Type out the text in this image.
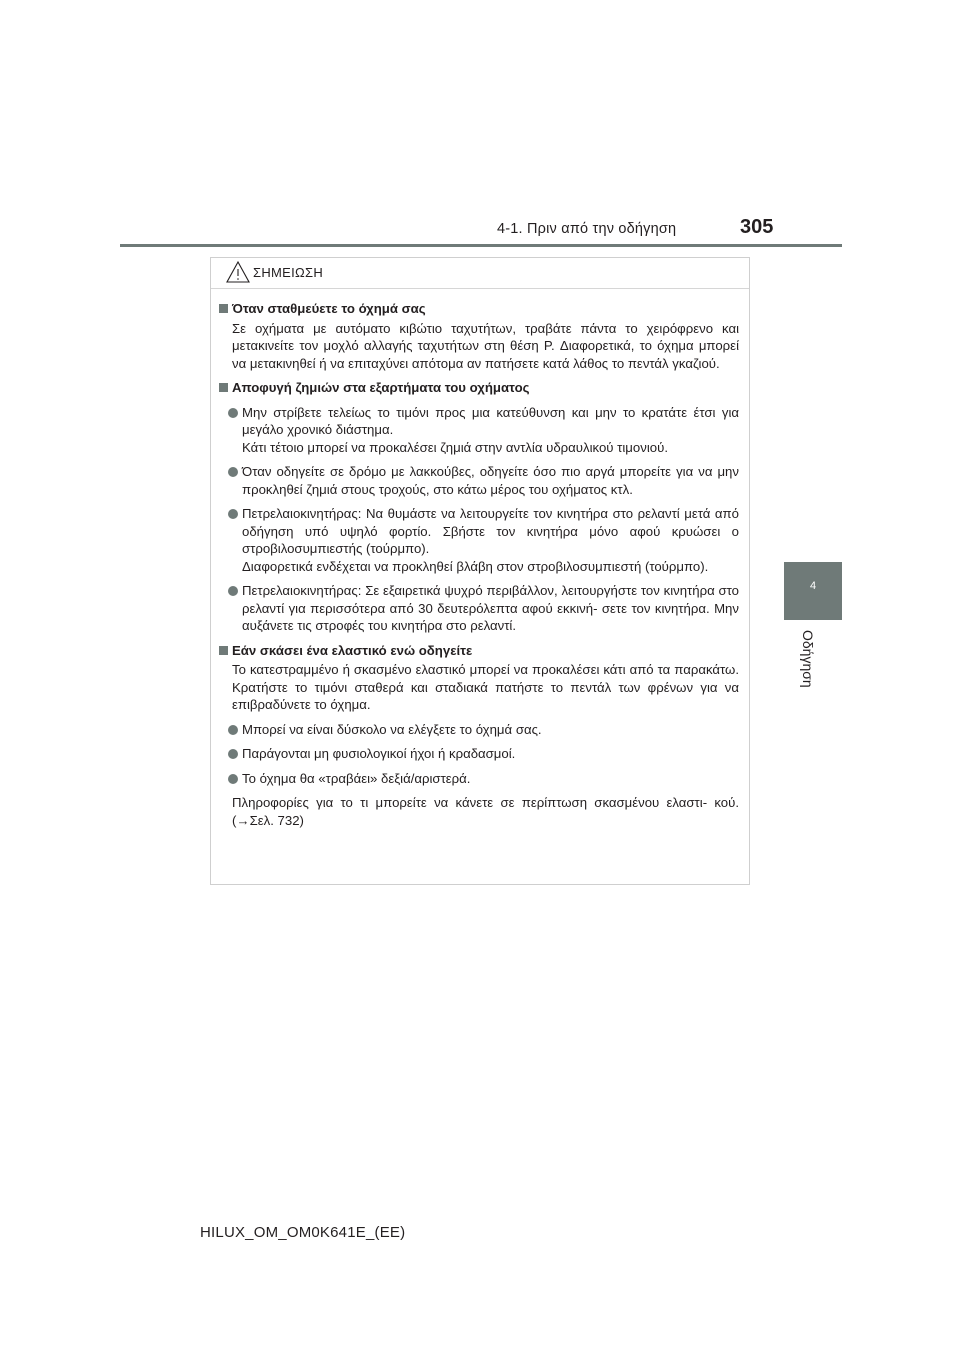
4-1. Πριν από την οδήγηση	305
4
Οδήγηση
ΣΗΜΕΙΩΣΗ
Όταν σταθμεύετε το όχημά σας
Σε οχήματα με αυτόματο κιβώτιο ταχυτήτων, τραβάτε πάντα το χειρόφρενο και μετακινείτε τον μοχλό αλλαγής ταχυτήτων στη θέση P. Διαφορετικά, το όχημα μπορεί να μετακινηθεί ή να επιταχύνει απότομα αν πατήσετε κατά λάθος το πεντάλ γκαζιού.
Αποφυγή ζημιών στα εξαρτήματα του οχήματος
Μην στρίβετε τελείως το τιμόνι προς μια κατεύθυνση και μην το κρατάτε έτσι για μεγάλο χρονικό διάστημα.
Κάτι τέτοιο μπορεί να προκαλέσει ζημιά στην αντλία υδραυλικού τιμονιού.
Όταν οδηγείτε σε δρόμο με λακκούβες, οδηγείτε όσο πιο αργά μπορείτε για να μην προκληθεί ζημιά στους τροχούς, στο κάτω μέρος του οχήματος κτλ.
Πετρελαιοκινητήρας: Να θυμάστε να λειτουργείτε τον κινητήρα στο ρελαντί μετά από οδήγηση υπό υψηλό φορτίο. Σβήστε τον κινητήρα μόνο αφού κρυώσει ο στροβιλοσυμπιεστής (τούρμπο).
Διαφορετικά ενδέχεται να προκληθεί βλάβη στον στροβιλοσυμπιεστή (τούρμπο).
Πετρελαιοκινητήρας: Σε εξαιρετικά ψυχρό περιβάλλον, λειτουργήστε τον κινητήρα στο ρελαντί για περισσότερα από 30 δευτερόλεπτα αφού εκκινή- σετε τον κινητήρα. Μην αυξάνετε τις στροφές του κινητήρα στο ρελαντί.
Εάν σκάσει ένα ελαστικό ενώ οδηγείτε
Το κατεστραμμένο ή σκασμένο ελαστικό μπορεί να προκαλέσει κάτι από τα παρακάτω. Κρατήστε το τιμόνι σταθερά και σταδιακά πατήστε το πεντάλ των φρένων για να επιβραδύνετε το όχημα.
Μπορεί να είναι δύσκολο να ελέγξετε το όχημά σας.
Παράγονται μη φυσιολογικοί ήχοι ή κραδασμοί.
Το όχημα θα «τραβάει» δεξιά/αριστερά.
Πληροφορίες για το τι μπορείτε να κάνετε σε περίπτωση σκασμένου ελαστι- κού. (→Σελ. 732)
HILUX_OM_OM0K641E_(EE)
